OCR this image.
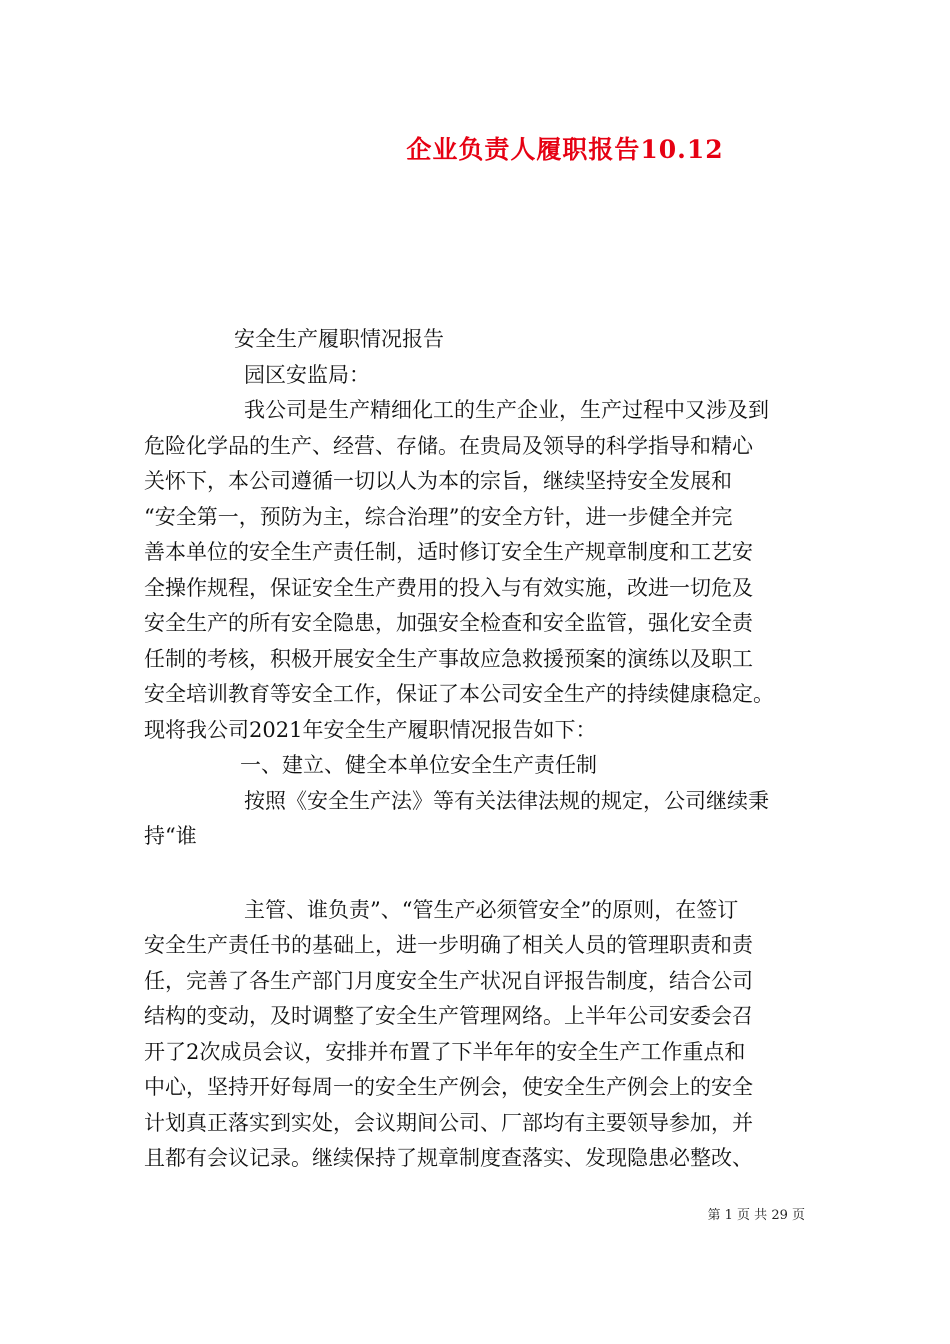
企业负责人履职报告10.12
安全生产履职情况报告
园区安监局：
我公司是生产精细化工的生产企业，生产过程中又涉及到
危险化学品的生产、经营、存储。在贵局及领导的科学指导和精心
关怀下，本公司遵循一切以人为本的宗旨，继续坚持安全发展和
“安全第一，预防为主，综合治理”的安全方针，进一步健全并完
善本单位的安全生产责任制，适时修订安全生产规章制度和工艺安
全操作规程，保证安全生产费用的投入与有效实施，改进一切危及
安全生产的所有安全隐患，加强安全检查和安全监管，强化安全责
任制的考核，积极开展安全生产事故应急救援预案的演练以及职工
安全培训教育等安全工作，保证了本公司安全生产的持续健康稳定。
现将我公司2021年安全生产履职情况报告如下：
一、建立、健全本单位安全生产责任制
按照《安全生产法》等有关法律法规的规定，公司继续秉
持“谁
主管、谁负责”、“管生产必须管安全”的原则，在签订
安全生产责任书的基础上，进一步明确了相关人员的管理职责和责
任，完善了各生产部门月度安全生产状况自评报告制度，结合公司
结构的变动，及时调整了安全生产管理网络。上半年公司安委会召
开了2次成员会议，安排并布置了下半年年的安全生产工作重点和
中心，坚持开好每周一的安全生产例会，使安全生产例会上的安全
计划真正落实到实处，会议期间公司、厂部均有主要领导参加，并
且都有会议记录。继续保持了规章制度查落实、发现隐患必整改、
第 1 页 共 29 页
